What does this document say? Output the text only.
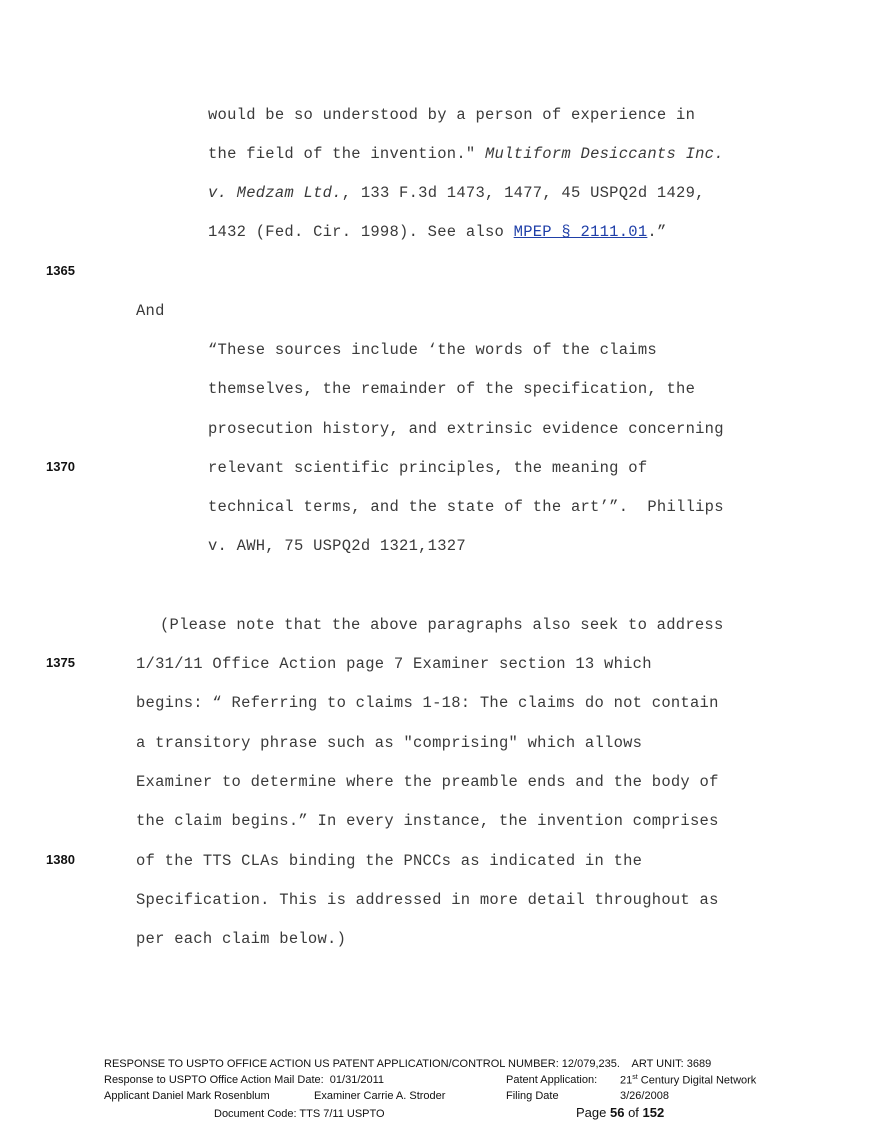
would be so understood by a person of experience in
the field of the invention." Multiform Desiccants Inc.
v. Medzam Ltd., 133 F.3d 1473, 1477, 45 USPQ2d 1429,
1432 (Fed. Cir. 1998). See also MPEP § 2111.01.”
1365
And
“These sources include ‘the words of the claims
themselves, the remainder of the specification, the
prosecution history, and extrinsic evidence concerning
1370	relevant scientific principles, the meaning of
technical terms, and the state of the art’”.  Phillips
v. AWH, 75 USPQ2d 1321,1327
(Please note that the above paragraphs also seek to address
1375	1/31/11 Office Action page 7 Examiner section 13 which
begins: “ Referring to claims 1-18: The claims do not contain
a transitory phrase such as "comprising" which allows
Examiner to determine where the preamble ends and the body of
the claim begins.” In every instance, the invention comprises
1380	of the TTS CLAs binding the PNCCs as indicated in the
Specification. This is addressed in more detail throughout as
per each claim below.)
RESPONSE TO USPTO OFFICE ACTION US PATENT APPLICATION/CONTROL NUMBER: 12/079,235.    ART UNIT: 3689
Response to USPTO Office Action Mail Date:  01/31/2011	Patent Application: 21st Century Digital Network
Applicant Daniel Mark Rosenblum	Examiner Carrie A. Stroder	Filing Date	3/26/2008
Document Code: TTS 7/11 USPTO	Page 56 of 152
